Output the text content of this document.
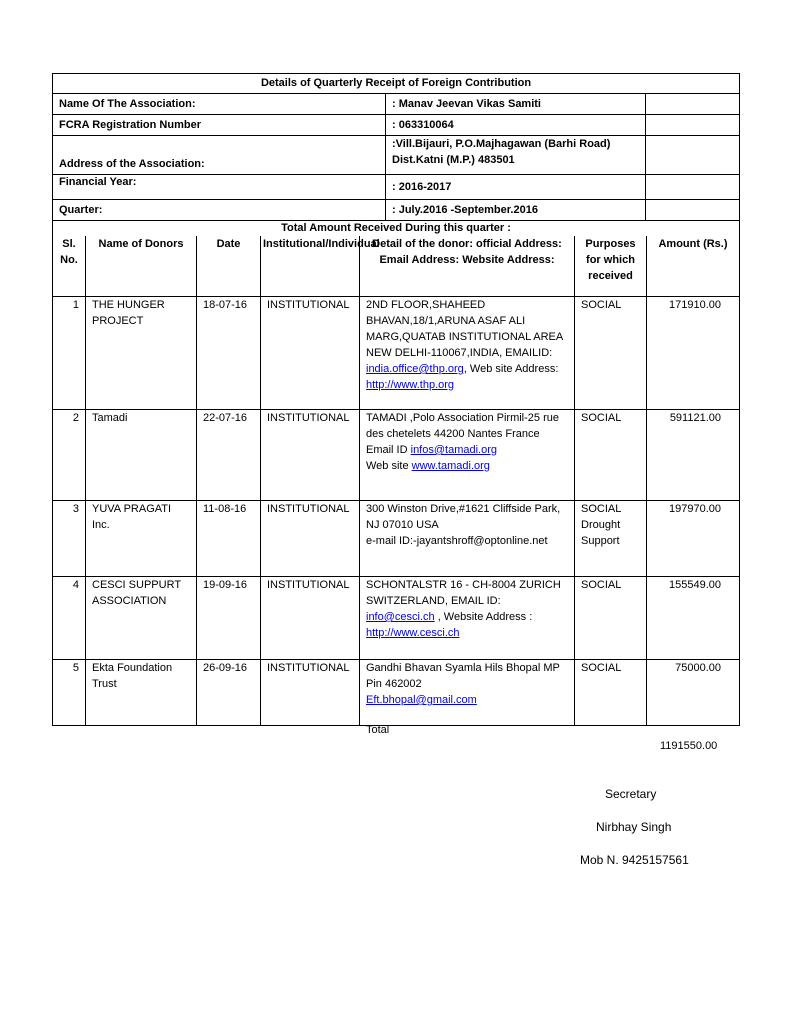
Details of Quarterly Receipt of Foreign Contribution		
Name Of The Association:	: Manav Jeevan Vikas Samiti	
FCRA Registration Number	: 063310064	
Address of the Association:	:Vill.Bijauri, P.O.Majhagawan (Barhi Road)
Dist.Katni (M.P.) 483501	

Financial Year:	: 2016-2017	
Quarter:	: July.2016 -September.2016	
Total Amount Received During this quarter :		
Sl. No.	Name of Donors	Date	Institutional/Individual	Detail of the donor: official Address: Email Address: Website Address:	Purposes for which received	Amount (Rs.)
1	THE HUNGER PROJECT	18-07-16	INSTITUTIONAL	2ND FLOOR,SHAHEED BHAVAN,18/1,ARUNA ASAF ALI MARG,QUATAB INSTITUTIONAL AREA NEW DELHI-110067,INDIA, EMAILID: india.office@thp.org, Web site Address: http://www.thp.org	SOCIAL	171910.00
2	Tamadi	22-07-16	INSTITUTIONAL	TAMADI ,Polo Association Pirmil-25 rue des chetelets 44200 Nantes France
Email ID infos@tamadi.org
Web site www.tamadi.org	SOCIAL	591121.00
3	YUVA PRAGATI Inc.	11-08-16	INSTITUTIONAL	300 Winston Drive,#1621 Cliffside Park, NJ 07010 USA
e-mail ID:-jayantshroff@optonline.net	SOCIAL Drought Support	197970.00
4	CESCI SUPPURT ASSOCIATION	19-09-16	INSTITUTIONAL	SCHONTALSTR 16 - CH-8004 ZURICH SWITZERLAND, EMAIL ID: info@cesci.ch , Website Address :
http://www.cesci.ch	SOCIAL	155549.00
5	Ekta Foundation Trust	26-09-16	INSTITUTIONAL	Gandhi Bhavan Syamla Hils Bhopal MP Pin 462002
Eft.bhopal@gmail.com	SOCIAL	75000.00
Total
1191550.00
Secretary
Nirbhay Singh
Mob N. 9425157561
